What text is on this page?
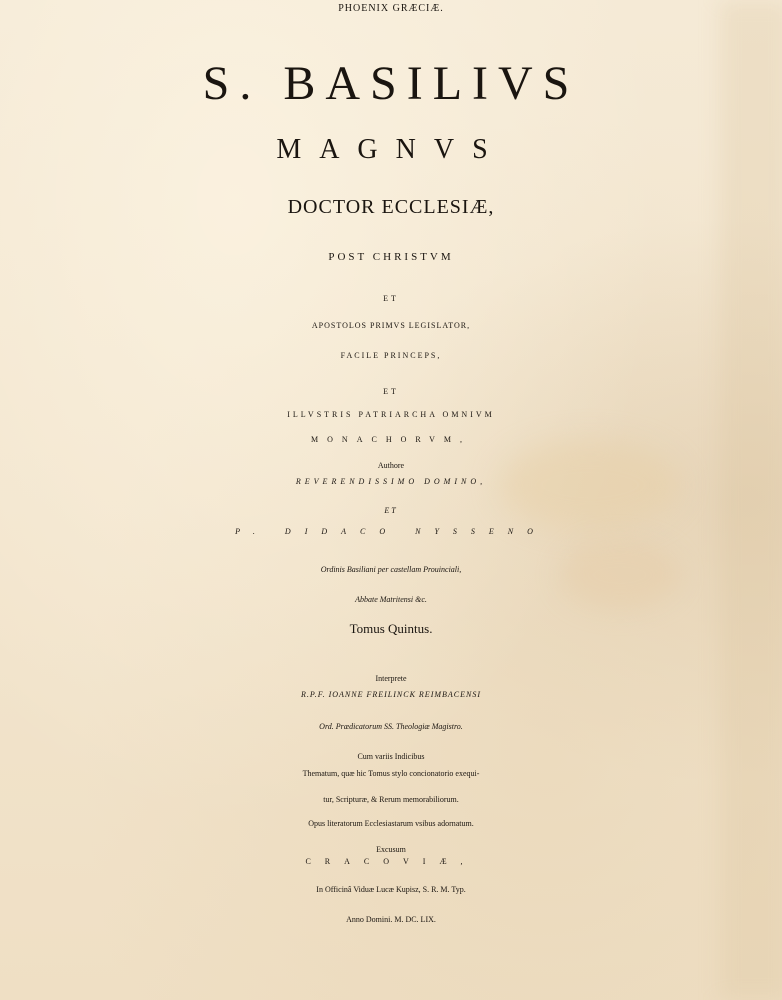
PHOENIX GRÆCIÆ.

S. BASILIVS

MAGNVS

DOCTOR ECCLESIÆ,

POST CHRISTVM

ET

APOSTOLOS PRIMVS LEGISLATOR,

FACILE PRINCEPS,

ET

ILLVSTRIS PATRIARCHA OMNIVM

MONACHORVM,

Authore

REVERENDISSIMO DOMINO,

ET

P. DIDACO NYSSENO

Ordinis Basiliani per castellam Prouinciali,

Abbate Matritensi &c.

Tomus Quintus.

Interprete

R.P.F. IOANNE FREILINCK REIMBACENSI

Ord. Prædicatorum SS. Theologiæ Magistro.

Cum variis Indicibus

Thematum, quæ hic Tomus stylo concionatorio exequi-

tur, Scripturæ, & Rerum memorabiliorum.

Opus literatorum Ecclesiastarum vsibus adornatum.

Excusum

CRACOVIÆ,

In Officinâ Viduæ Lucæ Kupisz, S. R. M. Typ.

Anno Domini. M. DC. LIX.
